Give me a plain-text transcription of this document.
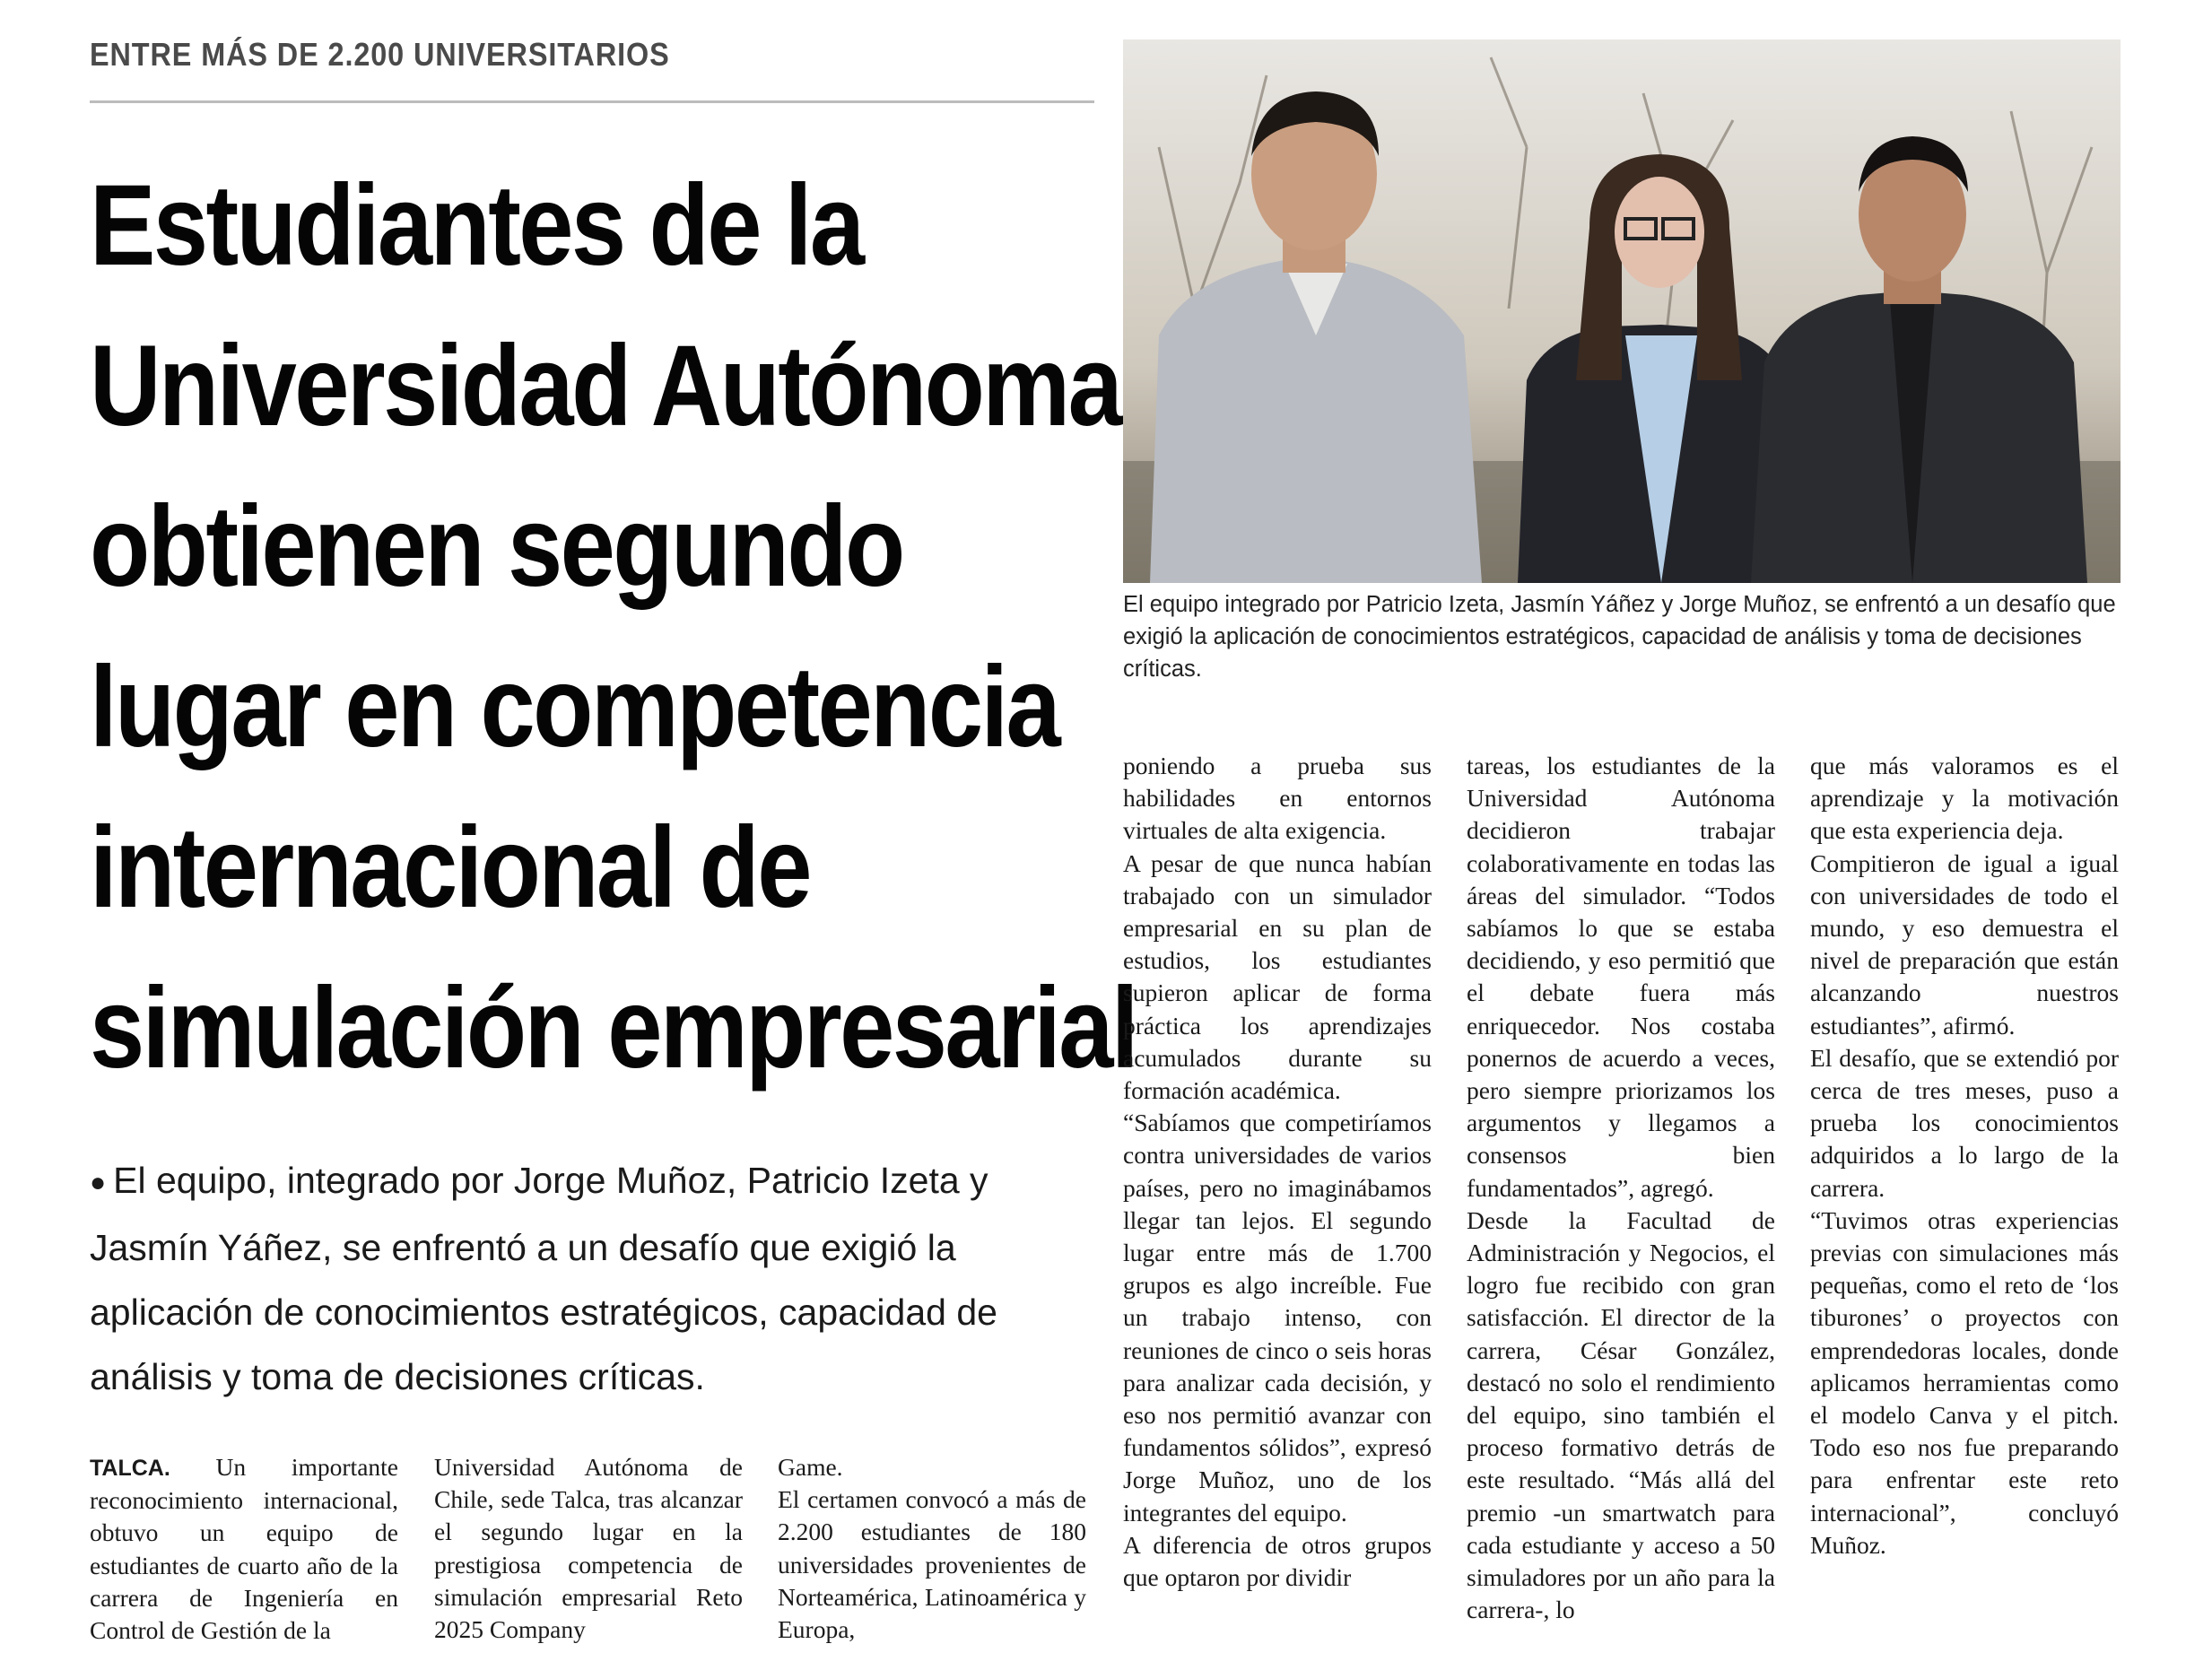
ENTRE MÁS DE 2.200 UNIVERSITARIOS
Estudiantes de la
Universidad Autónoma
obtienen segundo
lugar en competencia
internacional de
simulación empresarial
● El equipo, integrado por Jorge Muñoz, Patricio Izeta y Jasmín Yáñez, se enfrentó a un desafío que exigió la aplicación de conocimientos estratégicos, capacidad de análisis y toma de decisiones críticas.
El equipo integrado por Patricio Izeta, Jasmín Yáñez y Jorge Muñoz, se enfrentó a un desafío que exigió la aplicación de conocimientos estratégicos, capacidad de análisis y toma de decisiones críticas.

TALCA. Un importante reconocimiento internacional, obtuvo un equipo de estudiantes de cuarto año de la carrera de Ingeniería en Control de Gestión de la

Universidad Autónoma de Chile, sede Talca, tras alcanzar el segundo lugar en la prestigiosa competencia de simulación empresarial Reto 2025 Company

Game.

El certamen convocó a más de 2.200 estudiantes de 180 universidades provenientes de Norteamérica, Latinoamérica y Europa,

poniendo a prueba sus habilidades en entornos virtuales de alta exigencia.

A pesar de que nunca habían trabajado con un simulador empresarial en su plan de estudios, los estudiantes supieron aplicar de forma práctica los aprendizajes acumulados durante su formación académica.

“Sabíamos que competiríamos contra universidades de varios países, pero no imaginábamos llegar tan lejos. El segundo lugar entre más de 1.700 grupos es algo increíble. Fue un trabajo intenso, con reuniones de cinco o seis horas para analizar cada decisión, y eso nos permitió avanzar con fundamentos sólidos”, expresó Jorge Muñoz, uno de los integrantes del equipo.

A diferencia de otros grupos que optaron por dividir

tareas, los estudiantes de la Universidad Autónoma decidieron trabajar colaborativamente en todas las áreas del simulador. “Todos sabíamos lo que se estaba decidiendo, y eso permitió que el debate fuera más enriquecedor. Nos costaba ponernos de acuerdo a veces, pero siempre priorizamos los argumentos y llegamos a consensos bien fundamentados”, agregó.

Desde la Facultad de Administración y Negocios, el logro fue recibido con gran satisfacción. El director de la carrera, César González, destacó no solo el rendimiento del equipo, sino también el proceso formativo detrás de este resultado. “Más allá del premio -un smartwatch para cada estudiante y acceso a 50 simuladores por un año para la carrera-, lo

que más valoramos es el aprendizaje y la motivación que esta experiencia deja.

Compitieron de igual a igual con universidades de todo el mundo, y eso demuestra el nivel de preparación que están alcanzando nuestros estudiantes”, afirmó.

El desafío, que se extendió por cerca de tres meses, puso a prueba los conocimientos adquiridos a lo largo de la carrera.

“Tuvimos otras experiencias previas con simulaciones más pequeñas, como el reto de ‘los tiburones’ o proyectos con emprendedoras locales, donde aplicamos herramientas como el modelo Canva y el pitch. Todo eso nos fue preparando para enfrentar este reto internacional”, concluyó Muñoz.
